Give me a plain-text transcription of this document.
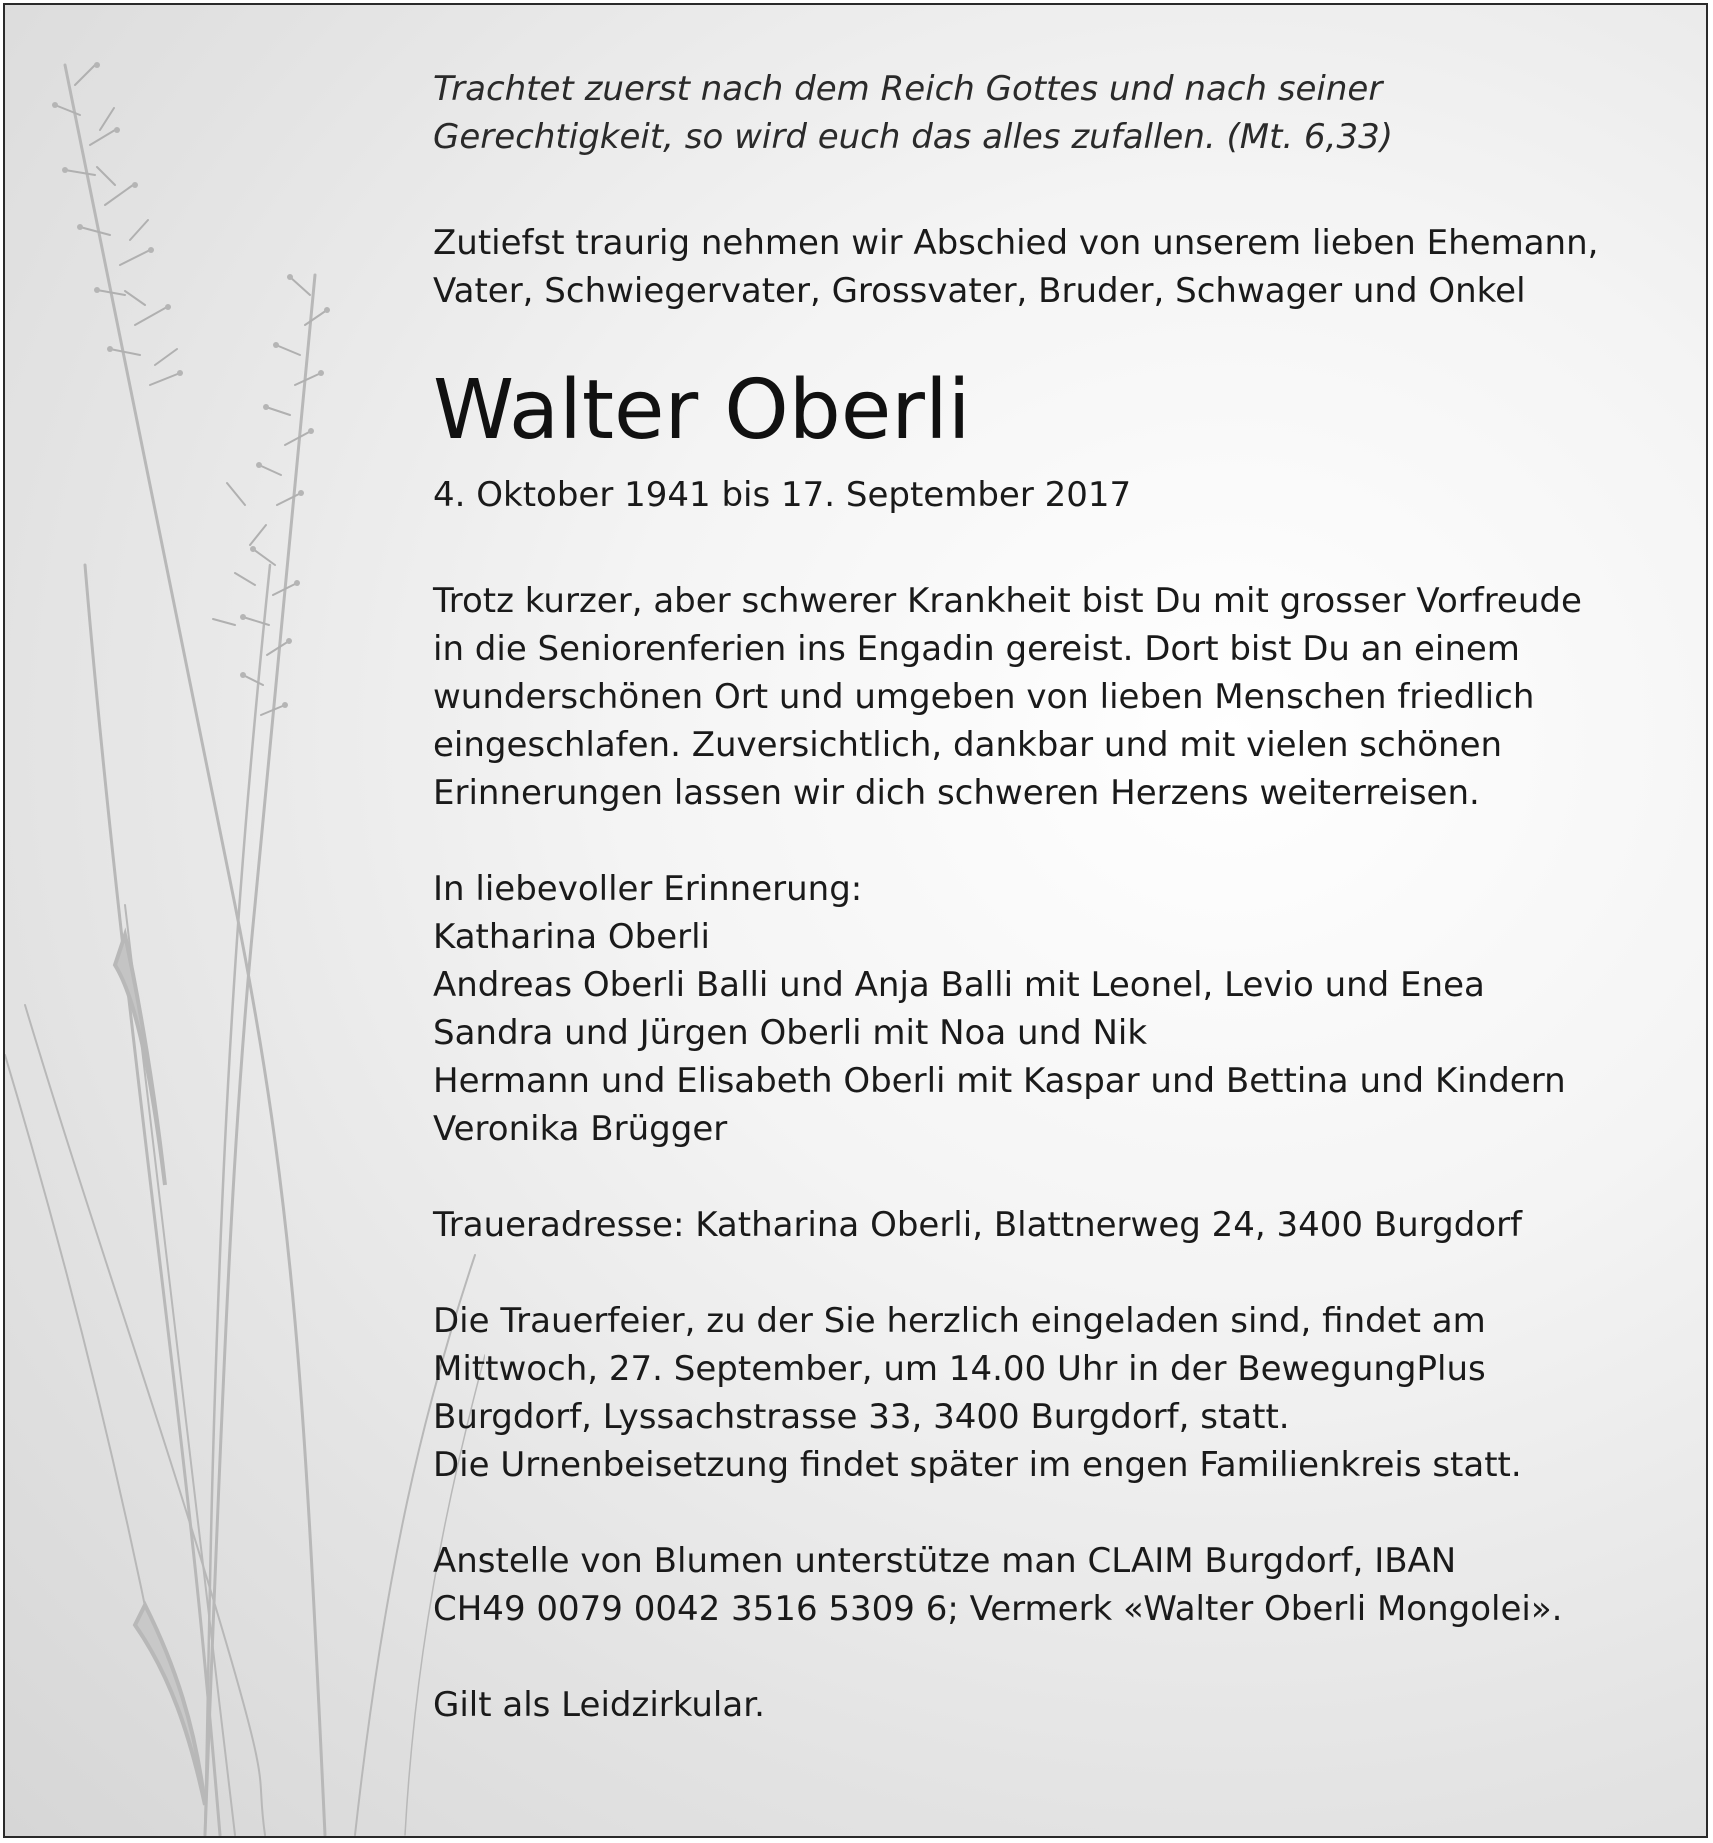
Trachtet zuerst nach dem Reich Gottes und nach seiner
Gerechtigkeit, so wird euch das alles zufallen. (Mt. 6,33)

Zutiefst traurig nehmen wir Abschied von unserem lieben Ehemann,
Vater, Schwiegervater, Grossvater, Bruder, Schwager und Onkel

Walter Oberli

4. Oktober 1941 bis 17. September 2017

Trotz kurzer, aber schwerer Krankheit bist Du mit grosser Vorfreude
in die Seniorenferien ins Engadin gereist. Dort bist Du an einem
wunderschönen Ort und umgeben von lieben Menschen friedlich
eingeschlafen. Zuversichtlich, dankbar und mit vielen schönen
Erinnerungen lassen wir dich schweren Herzens weiterreisen.

In liebevoller Erinnerung:
Katharina Oberli
Andreas Oberli Balli und Anja Balli mit Leonel, Levio und Enea
Sandra und Jürgen Oberli mit Noa und Nik
Hermann und Elisabeth Oberli mit Kaspar und Bettina und Kindern
Veronika Brügger

Traueradresse: Katharina Oberli, Blattnerweg 24, 3400 Burgdorf

Die Trauerfeier, zu der Sie herzlich eingeladen sind, findet am
Mittwoch, 27. September, um 14.00 Uhr in der BewegungPlus
Burgdorf, Lyssachstrasse 33, 3400 Burgdorf, statt.
Die Urnenbeisetzung findet später im engen Familienkreis statt.

Anstelle von Blumen unterstütze man CLAIM Burgdorf, IBAN
CH49 0079 0042 3516 5309 6; Vermerk «Walter Oberli Mongolei».

Gilt als Leidzirkular.
